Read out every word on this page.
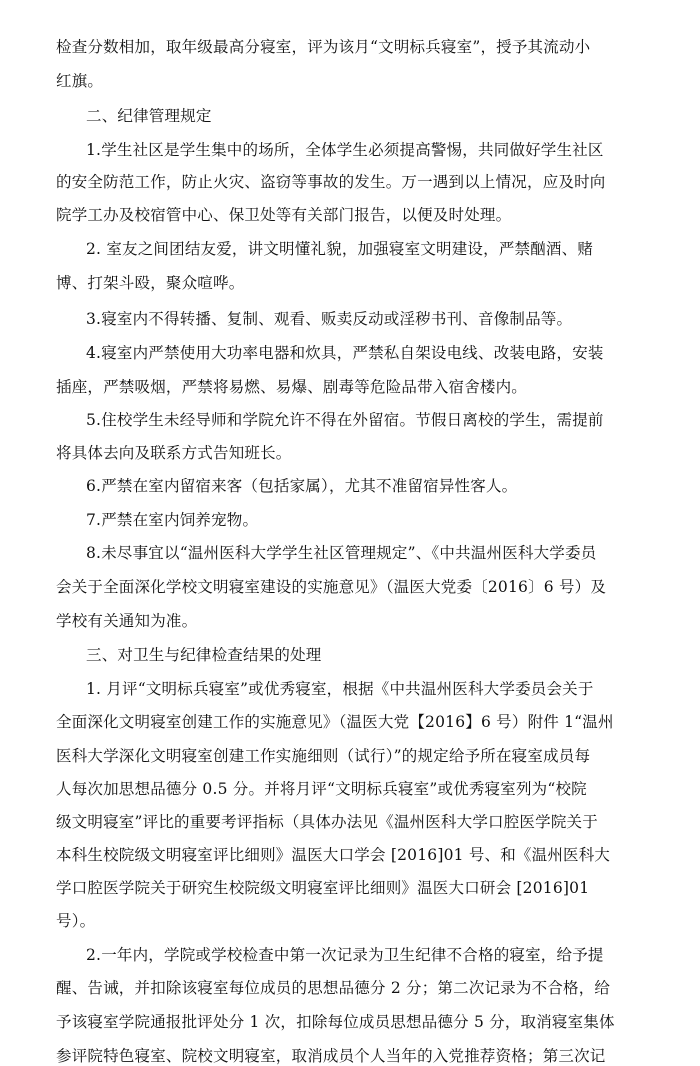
检查分数相加，取年级最高分寝室，评为该月“文明标兵寝室”，授予其流动小
红旗。
二、纪律管理规定
1.学生社区是学生集中的场所，全体学生必须提高警惕，共同做好学生社区
的安全防范工作，防止火灾、盗窃等事故的发生。万一遇到以上情况，应及时向
院学工办及校宿管中心、保卫处等有关部门报告，以便及时处理。
2. 室友之间团结友爱，讲文明懂礼貌，加强寝室文明建设，严禁酗酒、赌
博、打架斗殴，聚众喧哗。
3.寝室内不得转播、复制、观看、贩卖反动或淫秽书刊、音像制品等。
4.寝室内严禁使用大功率电器和炊具，严禁私自架设电线、改装电路，安装
插座，严禁吸烟，严禁将易燃、易爆、剧毒等危险品带入宿舍楼内。
5.住校学生未经导师和学院允许不得在外留宿。节假日离校的学生，需提前
将具体去向及联系方式告知班长。
6.严禁在室内留宿来客（包括家属），尤其不准留宿异性客人。
7.严禁在室内饲养宠物。
8.未尽事宜以“温州医科大学学生社区管理规定”、《中共温州医科大学委员
会关于全面深化学校文明寝室建设的实施意见》（温医大党委〔2016〕6 号）及
学校有关通知为准。
三、对卫生与纪律检查结果的处理
1. 月评“文明标兵寝室”或优秀寝室，根据《中共温州医科大学委员会关于
全面深化文明寝室创建工作的实施意见》（温医大党【2016】6 号）附件 1“温州
医科大学深化文明寝室创建工作实施细则（试行）”的规定给予所在寝室成员每
人每次加思想品德分 0.5 分。并将月评“文明标兵寝室”或优秀寝室列为“校院
级文明寝室”评比的重要考评指标（具体办法见《温州医科大学口腔医学院关于
本科生校院级文明寝室评比细则》温医大口学会 [2016]01 号、和《温州医科大
学口腔医学院关于研究生校院级文明寝室评比细则》温医大口研会 [2016]01
号）。
2.一年内，学院或学校检查中第一次记录为卫生纪律不合格的寝室，给予提
醒、告诫，并扣除该寝室每位成员的思想品德分 2 分；第二次记录为不合格，给
予该寝室学院通报批评处分 1 次，扣除每位成员思想品德分 5 分，取消寝室集体
参评院特色寝室、院校文明寝室，取消成员个人当年的入党推荐资格；第三次记
